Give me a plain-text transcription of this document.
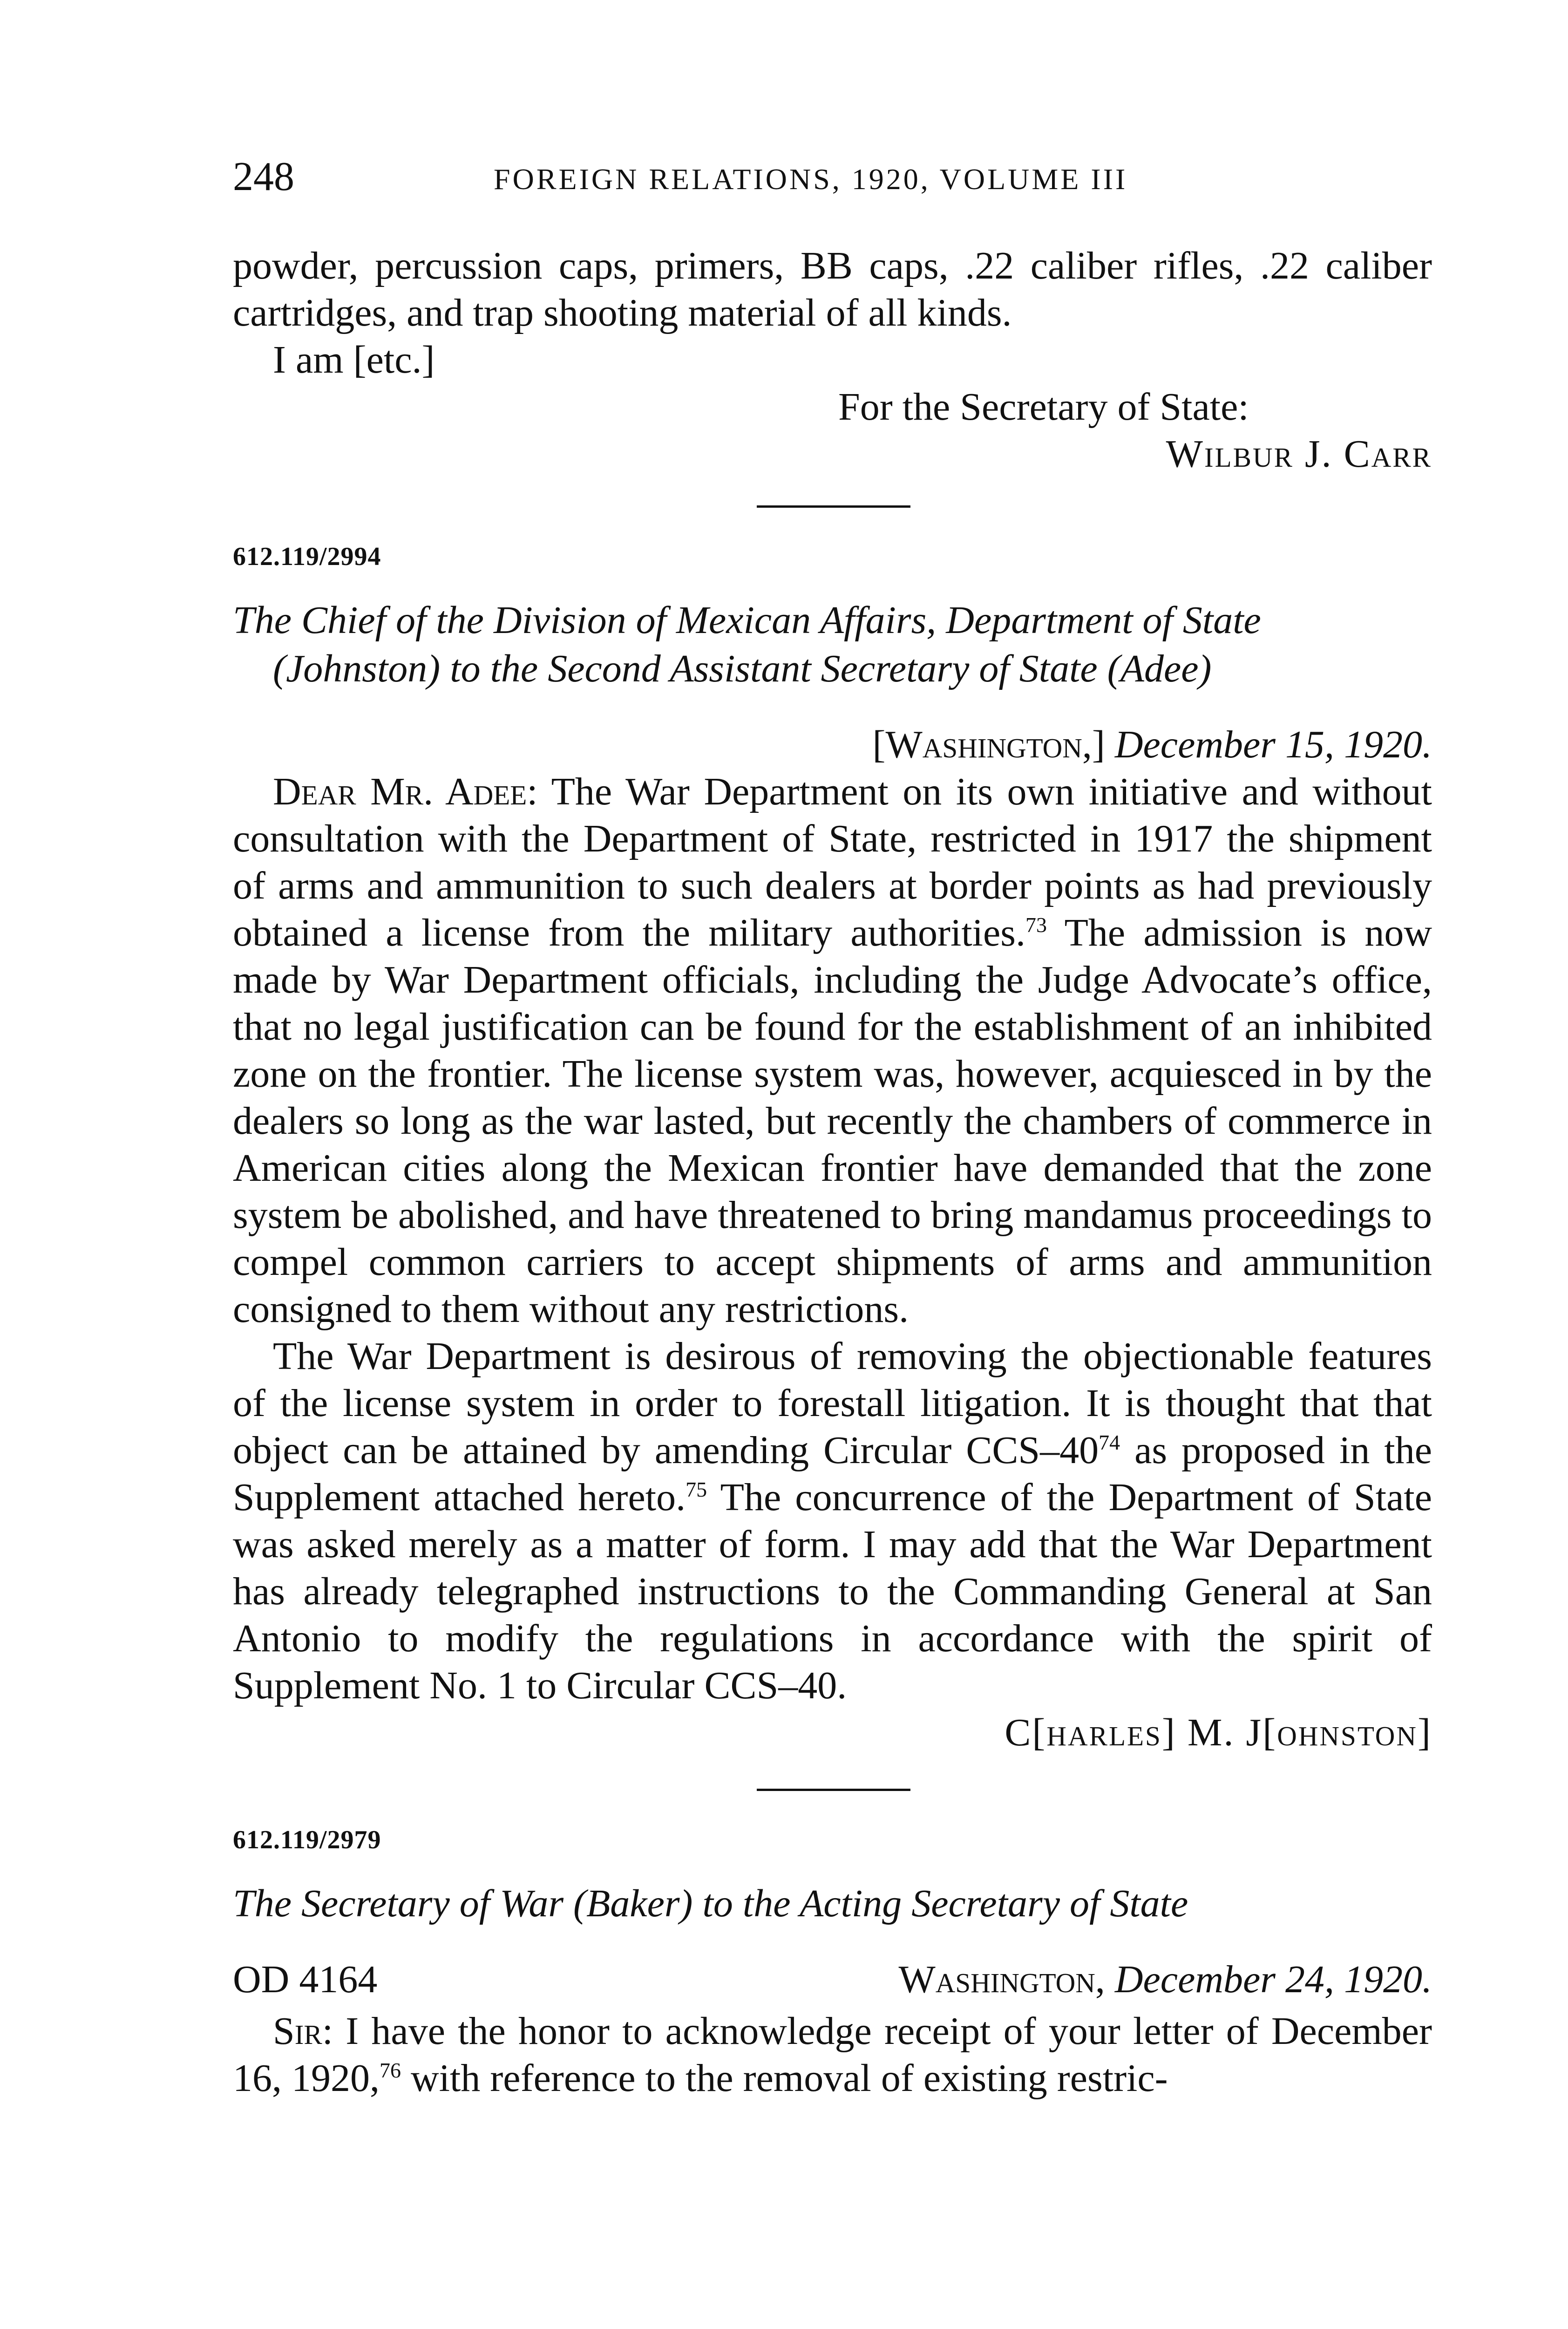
248	FOREIGN RELATIONS, 1920, VOLUME III

powder, percussion caps, primers, BB caps, .22 caliber rifles, .22 caliber cartridges, and trap shooting material of all kinds.

I am [etc.]

For the Secretary of State:

Wilbur J. Carr

612.119/2994

The Chief of the Division of Mexican Affairs, Department of State (Johnston) to the Second Assistant Secretary of State (Adee)

[Washington,] December 15, 1920.

Dear Mr. Adee: The War Department on its own initiative and without consultation with the Department of State, restricted in 1917 the shipment of arms and ammunition to such dealers at border points as had previously obtained a license from the military authorities.$^{73}$ The admission is now made by War Department officials, including the Judge Advocate’s office, that no legal justification can be found for the establishment of an inhibited zone on the frontier. The license system was, however, acquiesced in by the dealers so long as the war lasted, but recently the chambers of commerce in American cities along the Mexican frontier have demanded that the zone system be abolished, and have threatened to bring mandamus proceedings to compel common carriers to accept shipments of arms and ammunition consigned to them without any restrictions.

The War Department is desirous of removing the objectionable features of the license system in order to forestall litigation. It is thought that that object can be attained by amending Circular CCS–40$^{74}$ as proposed in the Supplement attached hereto.$^{75}$ The concurrence of the Department of State was asked merely as a matter of form. I may add that the War Department has already telegraphed instructions to the Commanding General at San Antonio to modify the regulations in accordance with the spirit of Supplement No. 1 to Circular CCS–40.

C[harles] M. J[ohnston]

612.119/2979

The Secretary of War (Baker) to the Acting Secretary of State

OD 4164	Washington, December 24, 1920.

Sir: I have the honor to acknowledge receipt of your letter of December 16, 1920,76 with reference to the removal of existing restric-
